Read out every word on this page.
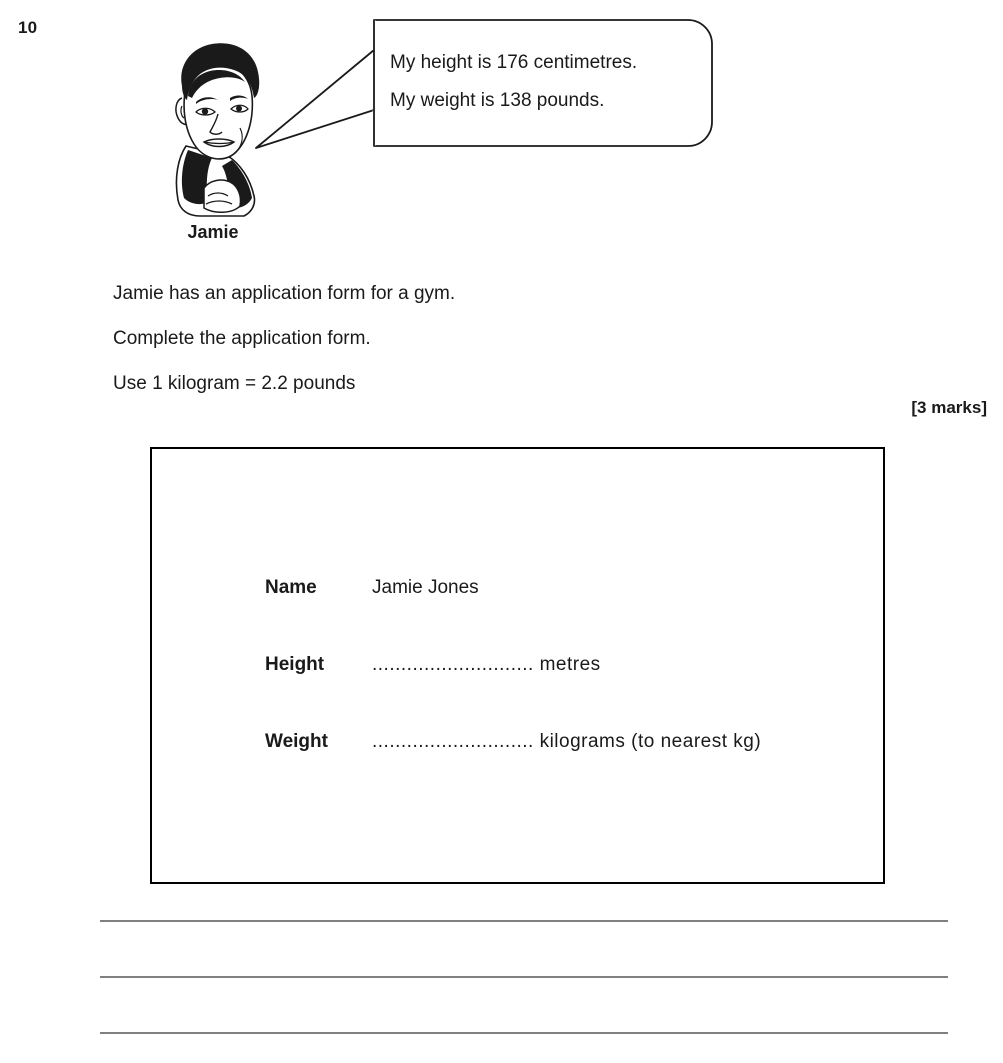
10
Jamie
My height is 176 centimetres.
My weight is 138 pounds.
Jamie has an application form for a gym.
Complete the application form.
Use 1 kilogram = 2.2 pounds
[3 marks]
Name	Jamie Jones
Height	............................ metres
Weight	............................ kilograms (to nearest kg)
